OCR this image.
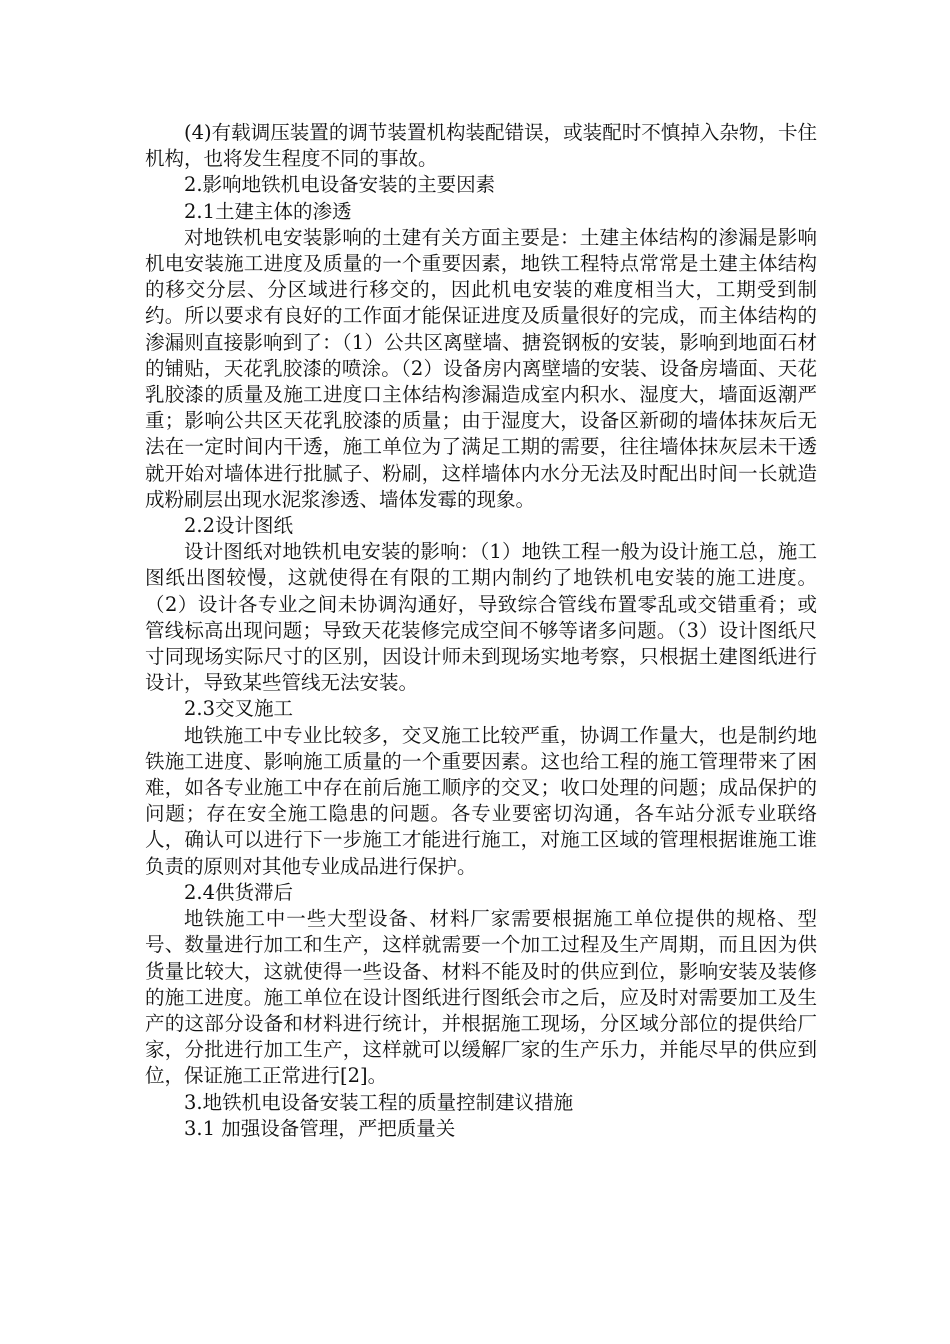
(4)有载调压装置的调节装置机构装配错误，或装配时不慎掉入杂物，卡住机构，也将发生程度不同的事故。

2.影响地铁机电设备安装的主要因素

2.1土建主体的渗透

对地铁机电安装影响的土建有关方面主要是：土建主体结构的渗漏是影响机电安装施工进度及质量的一个重要因素，地铁工程特点常常是土建主体结构的移交分层、分区域进行移交的，因此机电安装的难度相当大，工期受到制约。所以要求有良好的工作面才能保证进度及质量很好的完成，而主体结构的渗漏则直接影响到了：（1）公共区离壁墙、搪瓷钢板的安装，影响到地面石材的铺贴，天花乳胶漆的喷涂。（2）设备房内离壁墙的安装、设备房墙面、天花乳胶漆的质量及施工进度口主体结构渗漏造成室内积水、湿度大，墙面返潮严重；影响公共区天花乳胶漆的质量；由于湿度大，设备区新砌的墙体抹灰后无法在一定时间内干透，施工单位为了满足工期的需要，往往墙体抹灰层未干透就开始对墙体进行批腻子、粉刷，这样墙体内水分无法及时配出时间一长就造成粉刷层出现水泥浆渗透、墙体发霉的现象。

2.2设计图纸

设计图纸对地铁机电安装的影响：（1）地铁工程一般为设计施工总，施工图纸出图较慢，这就使得在有限的工期内制约了地铁机电安装的施工进度。（2）设计各专业之间未协调沟通好，导致综合管线布置零乱或交错重肴；或管线标高出现问题；导致天花装修完成空间不够等诸多问题。（3）设计图纸尺寸同现场实际尺寸的区别，因设计师未到现场实地考察，只根据土建图纸进行设计，导致某些管线无法安装。

2.3交叉施工

地铁施工中专业比较多，交叉施工比较严重，协调工作量大，也是制约地铁施工进度、影响施工质量的一个重要因素。这也给工程的施工管理带来了困难，如各专业施工中存在前后施工顺序的交叉；收口处理的问题；成品保护的问题；存在安全施工隐患的问题。各专业要密切沟通，各车站分派专业联络人，确认可以进行下一步施工才能进行施工，对施工区域的管理根据谁施工谁负责的原则对其他专业成品进行保护。

2.4供货滞后

地铁施工中一些大型设备、材料厂家需要根据施工单位提供的规格、型号、数量进行加工和生产，这样就需要一个加工过程及生产周期，而且因为供货量比较大，这就使得一些设备、材料不能及时的供应到位，影响安装及装修的施工进度。施工单位在设计图纸进行图纸会市之后，应及时对需要加工及生产的这部分设备和材料进行统计，并根据施工现场，分区域分部位的提供给厂家，分批进行加工生产，这样就可以缓解厂家的生产乐力，并能尽早的供应到位，保证施工正常进行[2]。

3.地铁机电设备安装工程的质量控制建议措施

3.1 加强设备管理，严把质量关
